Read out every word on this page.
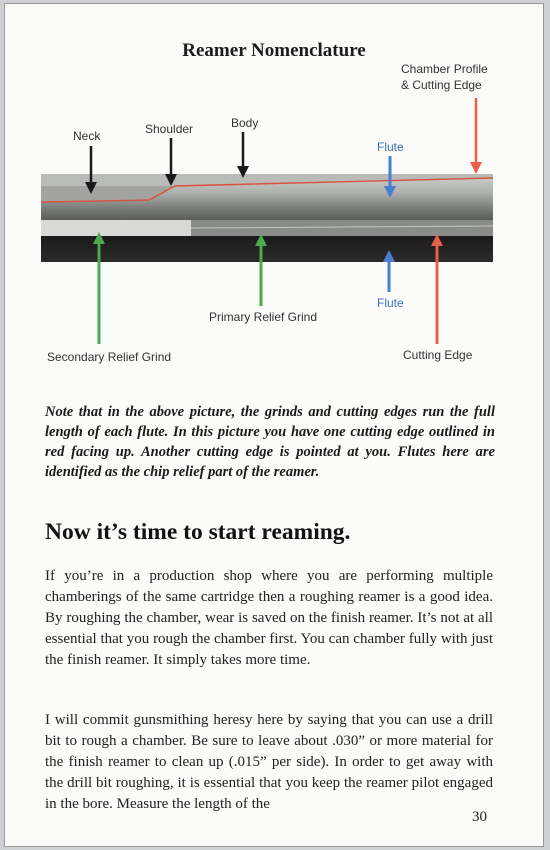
Reamer Nomenclature
Neck	Shoulder	Body
Flute
Chamber Profile
& Cutting Edge
Primary Relief Grind
Flute
Secondary Relief Grind	Cutting Edge

Note that in the above picture, the grinds and cutting edges run the full length of each flute. In this picture you have one cutting edge outlined in red facing up. Another cutting edge is pointed at you. Flutes here are identified as the chip relief part of the reamer.

Now it’s time to start reaming.

If you’re in a production shop where you are performing multiple chamberings of the same cartridge then a roughing reamer is a good idea. By roughing the chamber, wear is saved on the finish reamer. It’s not at all essential that you rough the chamber first. You can chamber fully with just the finish reamer. It simply takes more time.

I will commit gunsmithing heresy here by saying that you can use a drill bit to rough a chamber. Be sure to leave about .030” or more material for the finish reamer to clean up (.015” per side). In order to get away with the drill bit roughing, it is essential that you keep the reamer pilot engaged in the bore. Measure the length of the

30
